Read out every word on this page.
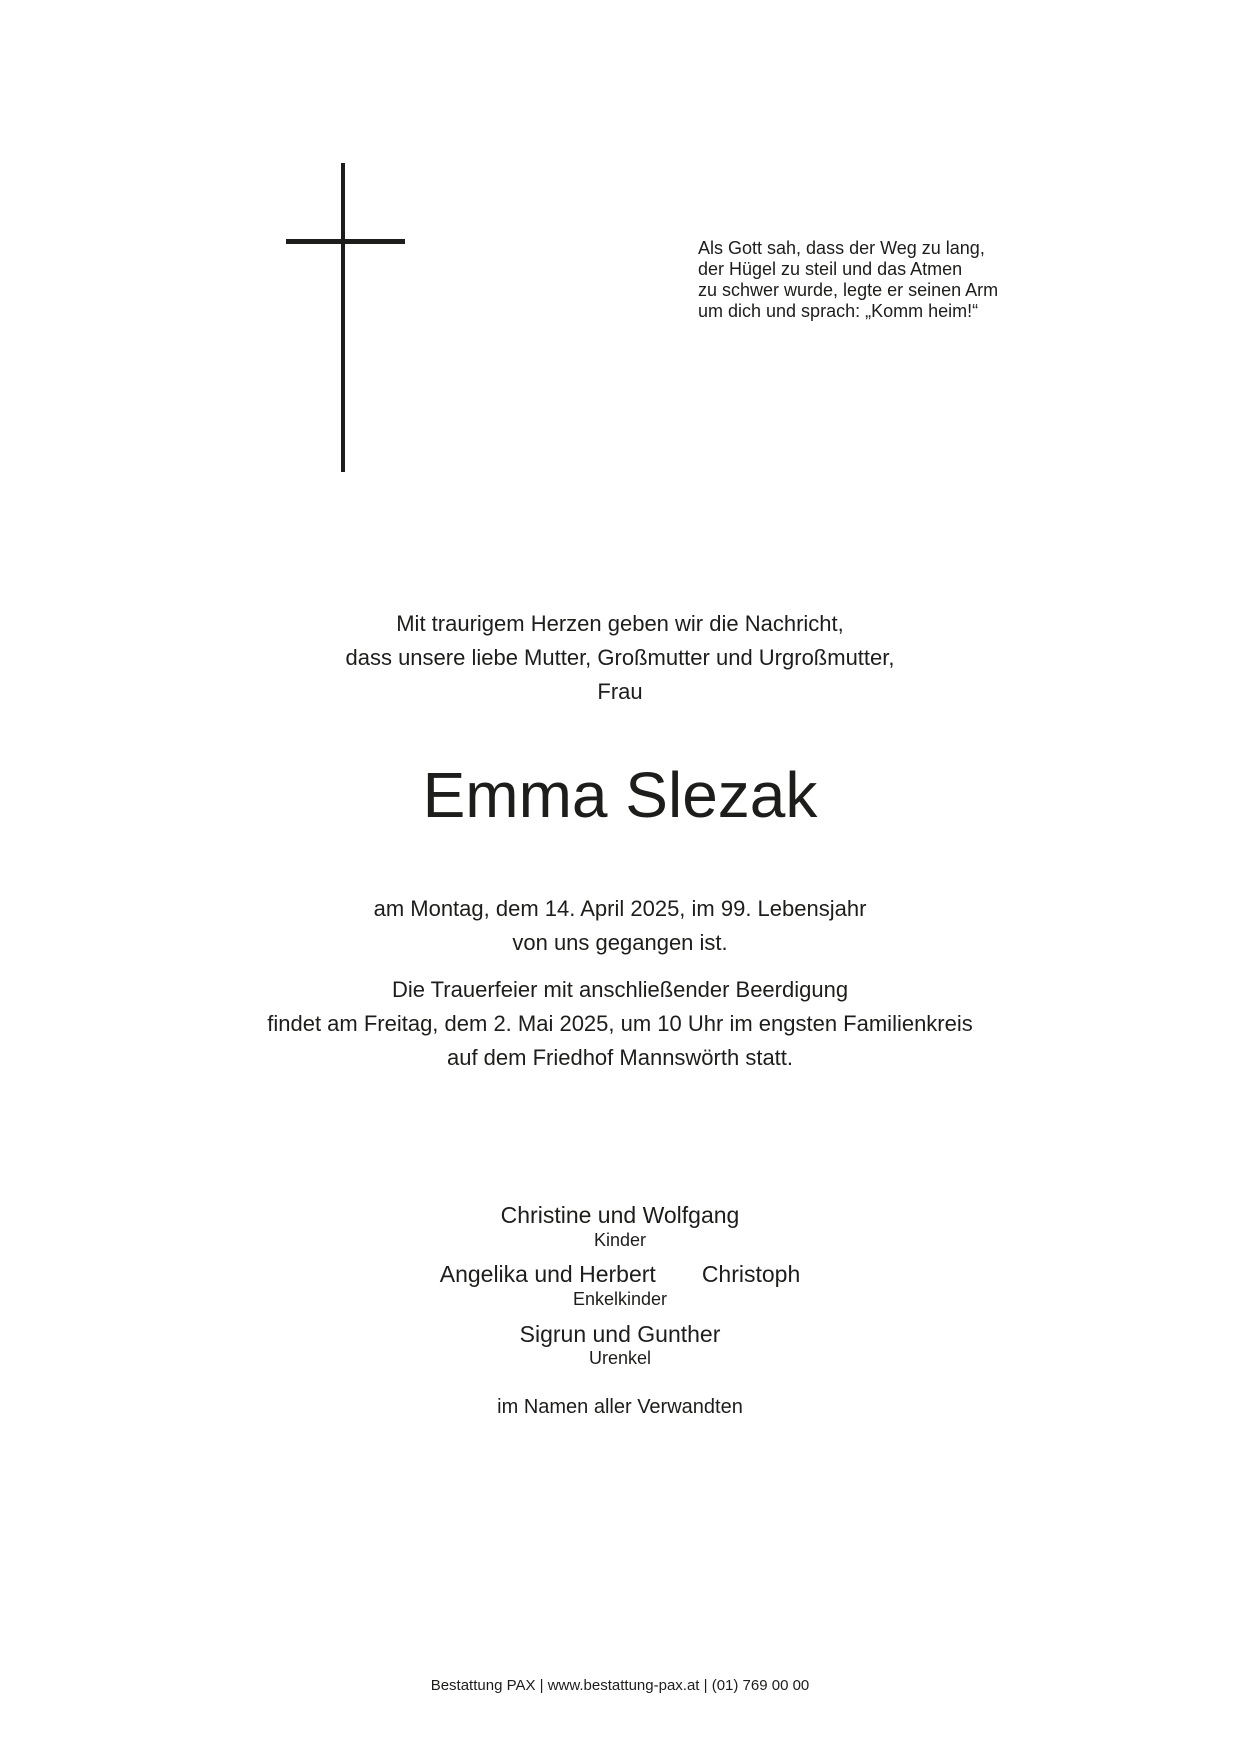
Als Gott sah, dass der Weg zu lang,
der Hügel zu steil und das Atmen
zu schwer wurde, legte er seinen Arm
um dich und sprach: „Komm heim!“
Mit traurigem Herzen geben wir die Nachricht,
dass unsere liebe Mutter, Großmutter und Urgroßmutter,
Frau
Emma Slezak
am Montag, dem 14. April 2025, im 99. Lebensjahr
von uns gegangen ist.
Die Trauerfeier mit anschließender Beerdigung
findet am Freitag, dem 2. Mai 2025, um 10 Uhr im engsten Familienkreis
auf dem Friedhof Mannswörth statt.
Christine und Wolfgang
Kinder
Angelika und Herbert Christoph
Enkelkinder
Sigrun und Gunther
Urenkel
im Namen aller Verwandten
Bestattung PAX | www.bestattung-pax.at | (01) 769 00 00
